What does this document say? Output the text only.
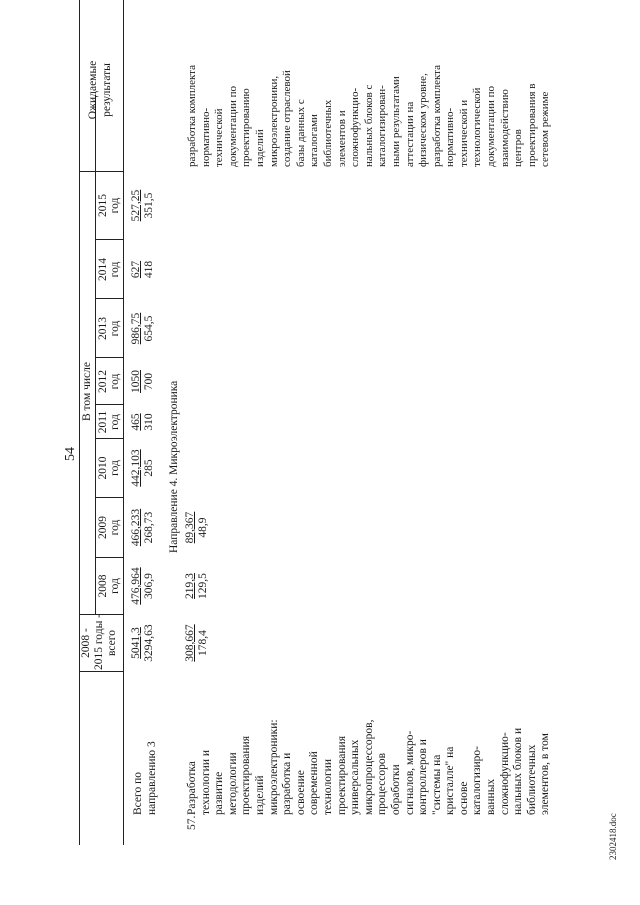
54
2008 - 2015 годы - всего
В том числе
2008 год
2009 год
2010 год
2011 год
2012 год
2013 год
2014 год
2015 год
Ожидаемые результаты
Всего по направлению 3
5041,3 3294,63
476,964 306,9
466,233 268,73
442,103 285
465 310
1050 700
986,75 654,5
627 418
527,25 351,5
Направление 4. Микроэлектроника
57.
Разработка технологии и развитие методологии проектирования изделий микроэлектроники: разработка и освоение современной технологии проектирования универсальных микропроцессоров, процессоров обработки сигналов, микро- контроллеров и "системы на кристалле" на основе каталогизиро- ванных сложнофункцио- нальных блоков и библиотечных элементов, в том
308,667 178,4
219,3 129,5
89,367 48,9
разработка комплекта нормативно- технической документации по проектированию изделий микроэлектроники, создание отраслевой базы данных с каталогами библиотечных элементов и сложнофункцио- нальных блоков с каталогизирован- ными результатами аттестации на физическом уровне, разработка комплекта нормативно- технической и технологической документации по взаимодействию центров проектирования в сетевом режиме
2302418.doc
